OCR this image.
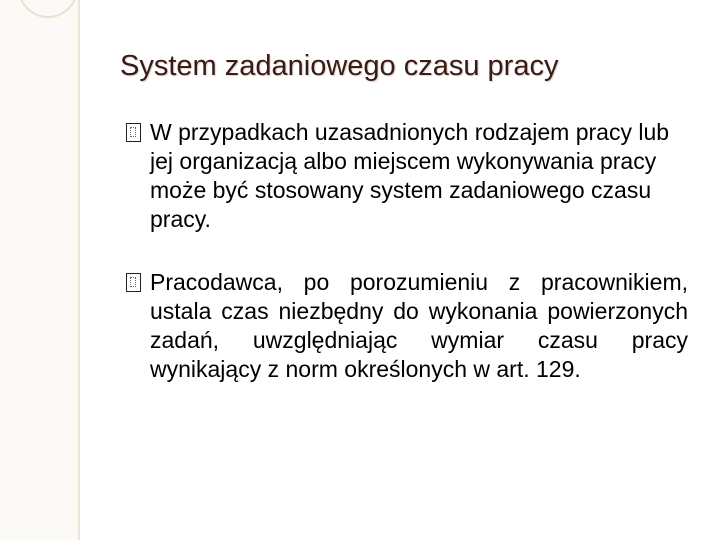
System zadaniowego czasu pracy

W przypadkach uzasadnionych rodzajem pracy lub jej organizacją albo miejscem wykonywania pracy może być stosowany system zadaniowego czasu pracy.

Pracodawca, po porozumieniu z pracownikiem, ustala czas niezbędny do wykonania powierzonych zadań, uwzględniając wymiar czasu pracy wynikający z norm określonych w art. 129.
